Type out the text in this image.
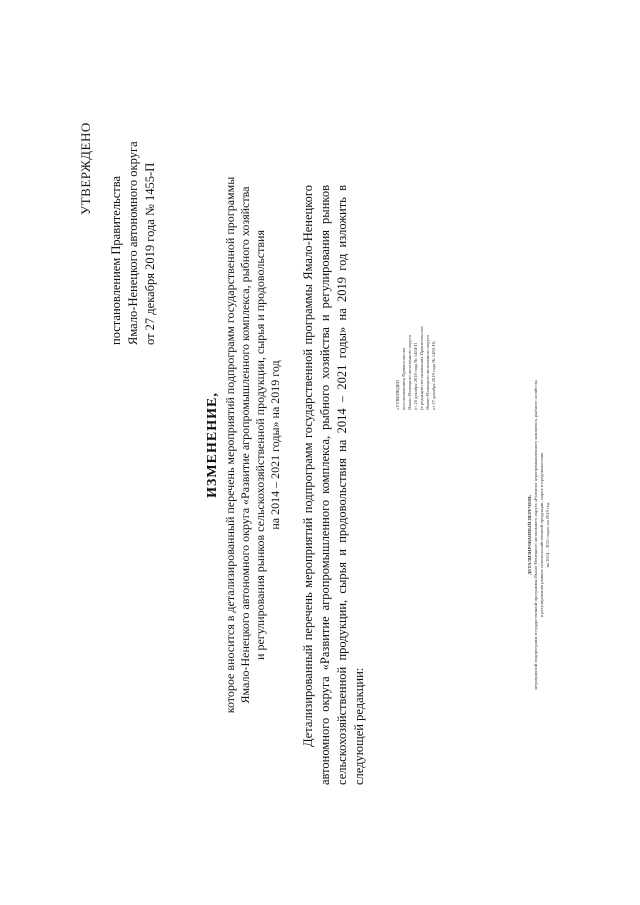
УТВЕРЖДЕНО
постановлением Правительства Ямало-Ненецкого автономного округа от 27 декабря 2019 года № 1455-П
ИЗМЕНЕНИЕ, которое вносится в детализированный перечень мероприятий подпрограмм государственной программы Ямало-Ненецкого автономного округа «Развитие агропромышленного комплекса, рыбного хозяйства и регулирования рынков сельскохозяйственной продукции, сырья и продовольствия на 2014 – 2021 годы» на 2019 год Детализированный перечень мероприятий подпрограмм государственной программы Ямало-Ненецкого автономного округа «Развитие агропромышленного комплекса, рыбного хозяйства и регулирования рынков сельскохозяйственной продукции, сырья и продовольствия на 2014 – 2021 годы» на 2019 год изложить в следующей редакции:
«УТВЕРЖДЕН постановлением Правительства Ямало-Ненецкого автономного округа от 26 декабря 2018 года № 1454-П (в редакции постановления Правительства Ямало-Ненецкого автономного округа от 27 декабря 2019 года № 1455-П)
ДЕТАЛИЗИРОВАННЫЙ ПЕРЕЧЕНЬ мероприятий подпрограмм государственной программы Ямало-Ненецкого автономного округа «Развитие агропромышленного комплекса, рыбного хозяйства и регулирования рынков сельскохозяйственной продукции, сырья и продовольствия на 2014 – 2021 годы» на 2019 год
